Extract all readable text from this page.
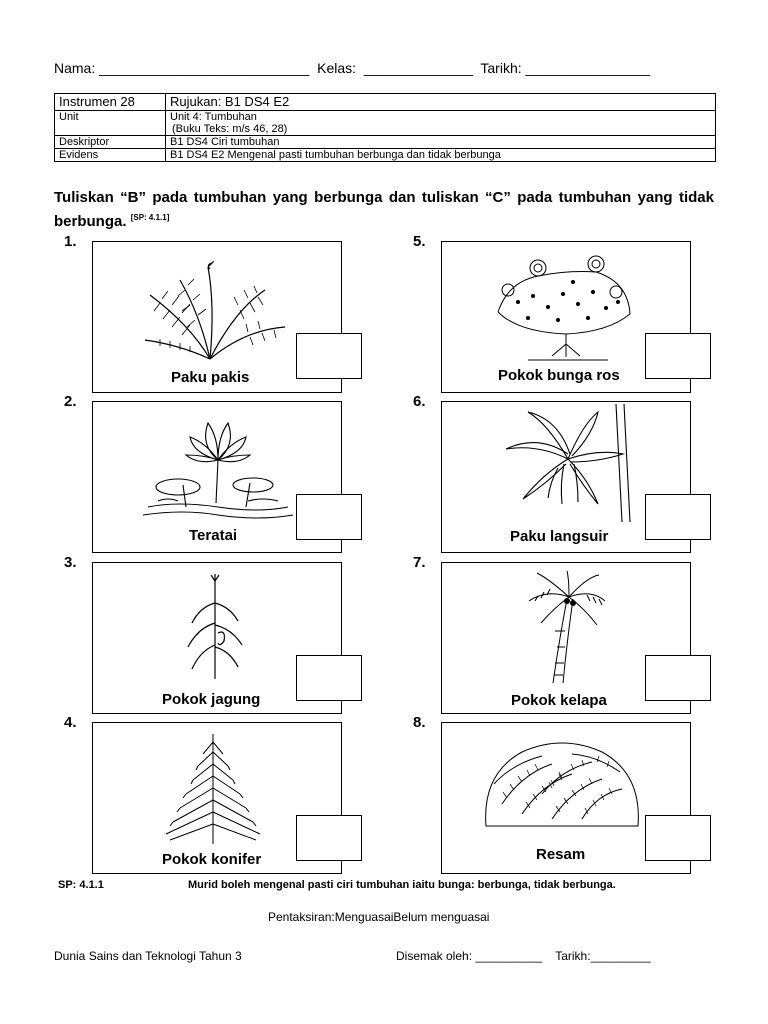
Nama: ___________________________ Kelas: ______________ Tarikh: ________________
Instrumen 28	Rujukan: B1 DS4 E2
Unit	Unit 4: Tumbuhan
(Buku Teks: m/s 46, 28)

Deskriptor	B1 DS4 Ciri tumbuhan
Evidens	B1 DS4 E2 Mengenal pasti tumbuhan berbunga dan tidak berbunga
Tuliskan “B” pada tumbuhan yang berbunga dan tuliskan “C” pada tumbuhan yang tidak berbunga. [SP: 4.1.1]
1.
Paku pakis
2.
Teratai
3.
Pokok jagung
4.
Pokok konifer
5.
Pokok bunga ros
6.
Paku langsuir
7.
Pokok kelapa
8.
Resam
SP: 4.1.1	Murid boleh mengenal pasti ciri tumbuhan iaitu bunga: berbunga, tidak berbunga.
Pentaksiran:MenguasaiBelum menguasai
Dunia Sains dan Teknologi Tahun 3	Disemak oleh: __________    Tarikh:_________
